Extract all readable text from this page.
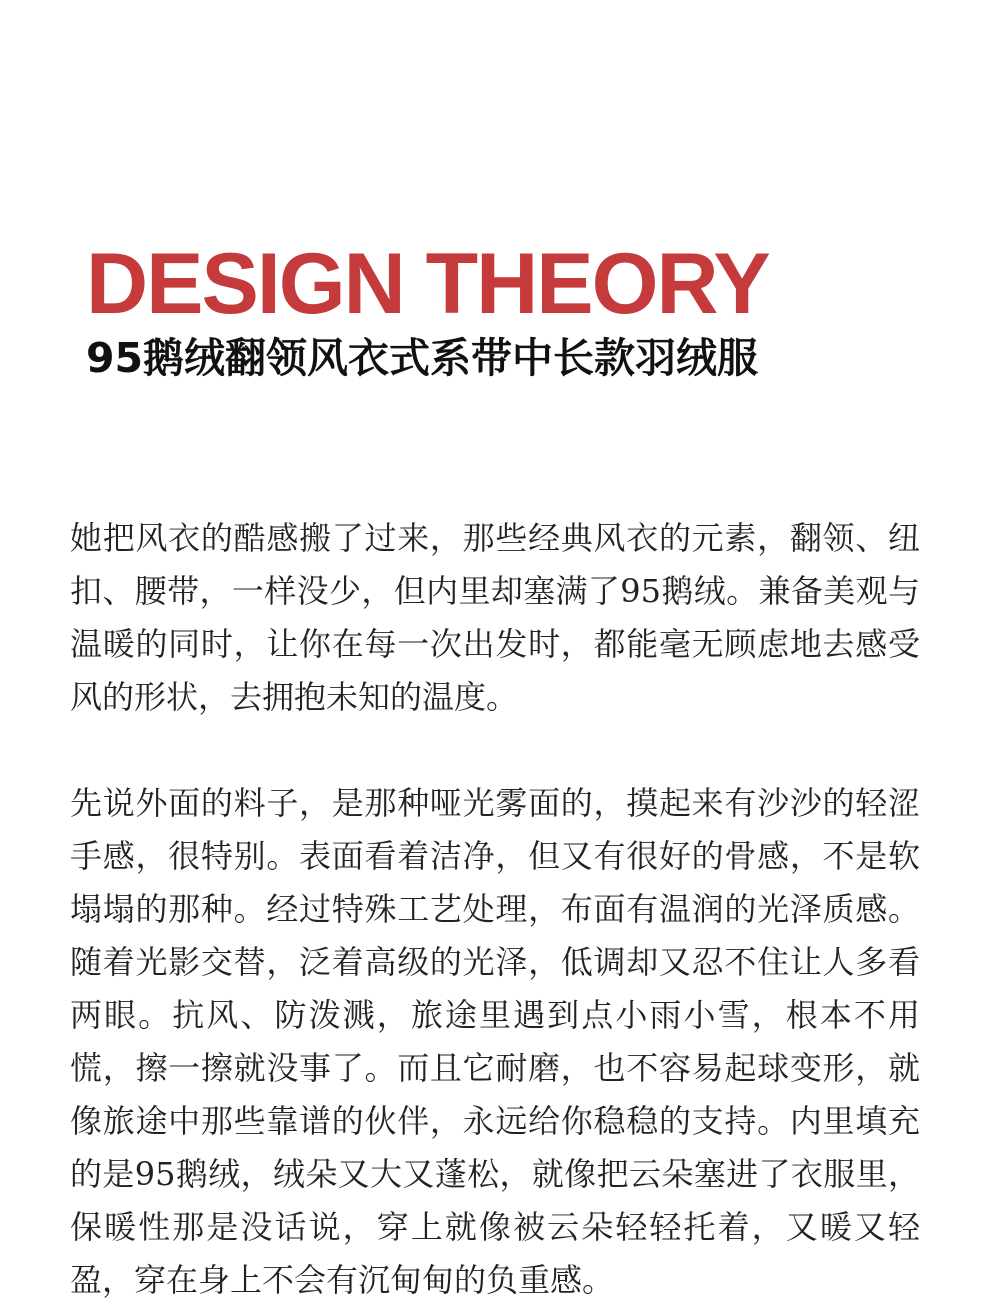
DESIGN THEORY
95鹅绒翻领风衣式系带中长款羽绒服

她把风衣的酷感搬了过来，那些经典风衣的元素，翻领、纽扣、腰带，一样没少，但内里却塞满了95鹅绒。兼备美观与温暖的同时，让你在每一次出发时，都能毫无顾虑地去感受风的形状，去拥抱未知的温度。

先说外面的料子，是那种哑光雾面的，摸起来有沙沙的轻涩手感，很特别。表面看着洁净，但又有很好的骨感，不是软塌塌的那种。经过特殊工艺处理，布面有温润的光泽质感。随着光影交替，泛着高级的光泽，低调却又忍不住让人多看两眼。抗风、防泼溅，旅途里遇到点小雨小雪，根本不用慌，擦一擦就没事了。而且它耐磨，也不容易起球变形，就像旅途中那些靠谱的伙伴，永远给你稳稳的支持。内里填充的是95鹅绒，绒朵又大又蓬松，就像把云朵塞进了衣服里，保暖性那是没话说，穿上就像被云朵轻轻托着，又暖又轻盈，穿在身上不会有沉甸甸的负重感。
